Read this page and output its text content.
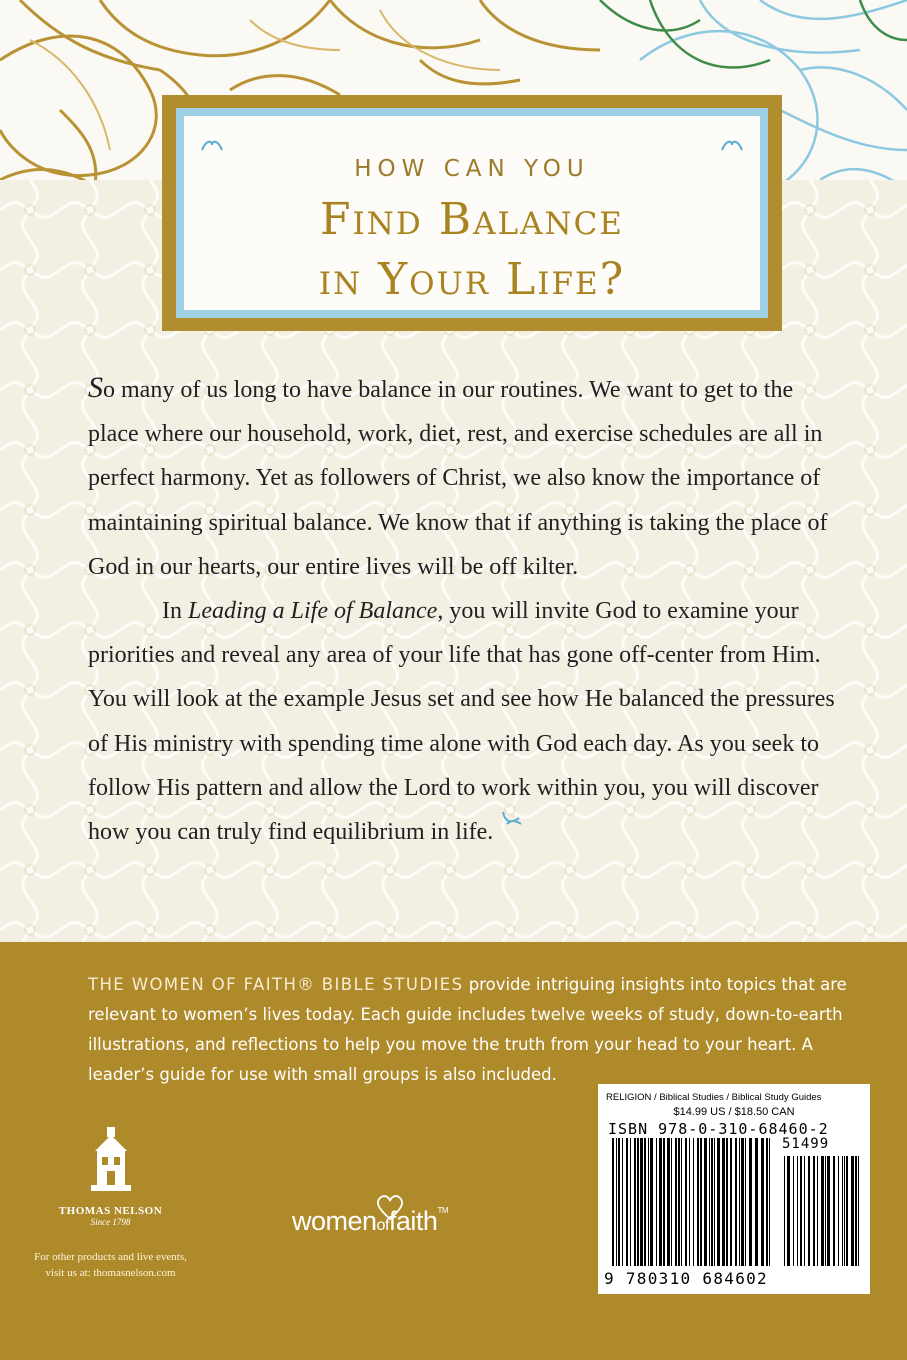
HOW CAN YOU
Find Balance
in Your Life?

So many of us long to have balance in our routines. We want to get to the place where our household, work, diet, rest, and exercise schedules are all in perfect harmony. Yet as followers of Christ, we also know the importance of maintaining spiritual balance. We know that if anything is taking the place of God in our hearts, our entire lives will be off kilter.

In Leading a Life of Balance, you will invite God to examine your priorities and reveal any area of your life that has gone off-center from Him. You will look at the example Jesus set and see how He balanced the pressures of His ministry with spending time alone with God each day. As you seek to follow His pattern and allow the Lord to work within you, you will discover how you can truly find equilibrium in life.

THE WOMEN OF FAITH® BIBLE STUDIES provide intriguing insights into topics that are relevant to women’s lives today. Each guide includes twelve weeks of study, down-to-earth illustrations, and reflections to help you move the truth from your head to your heart. A leader’s guide for use with small groups is also included.
THOMAS NELSON
Since 1798
For other products and live events,
visit us at: thomasnelson.com
women
offaith™
RELIGION / Biblical Studies / Biblical Study Guides
$14.99 US / $18.50 CAN
ISBN 978-0-310-68460-2
51499
9 780310 684602
